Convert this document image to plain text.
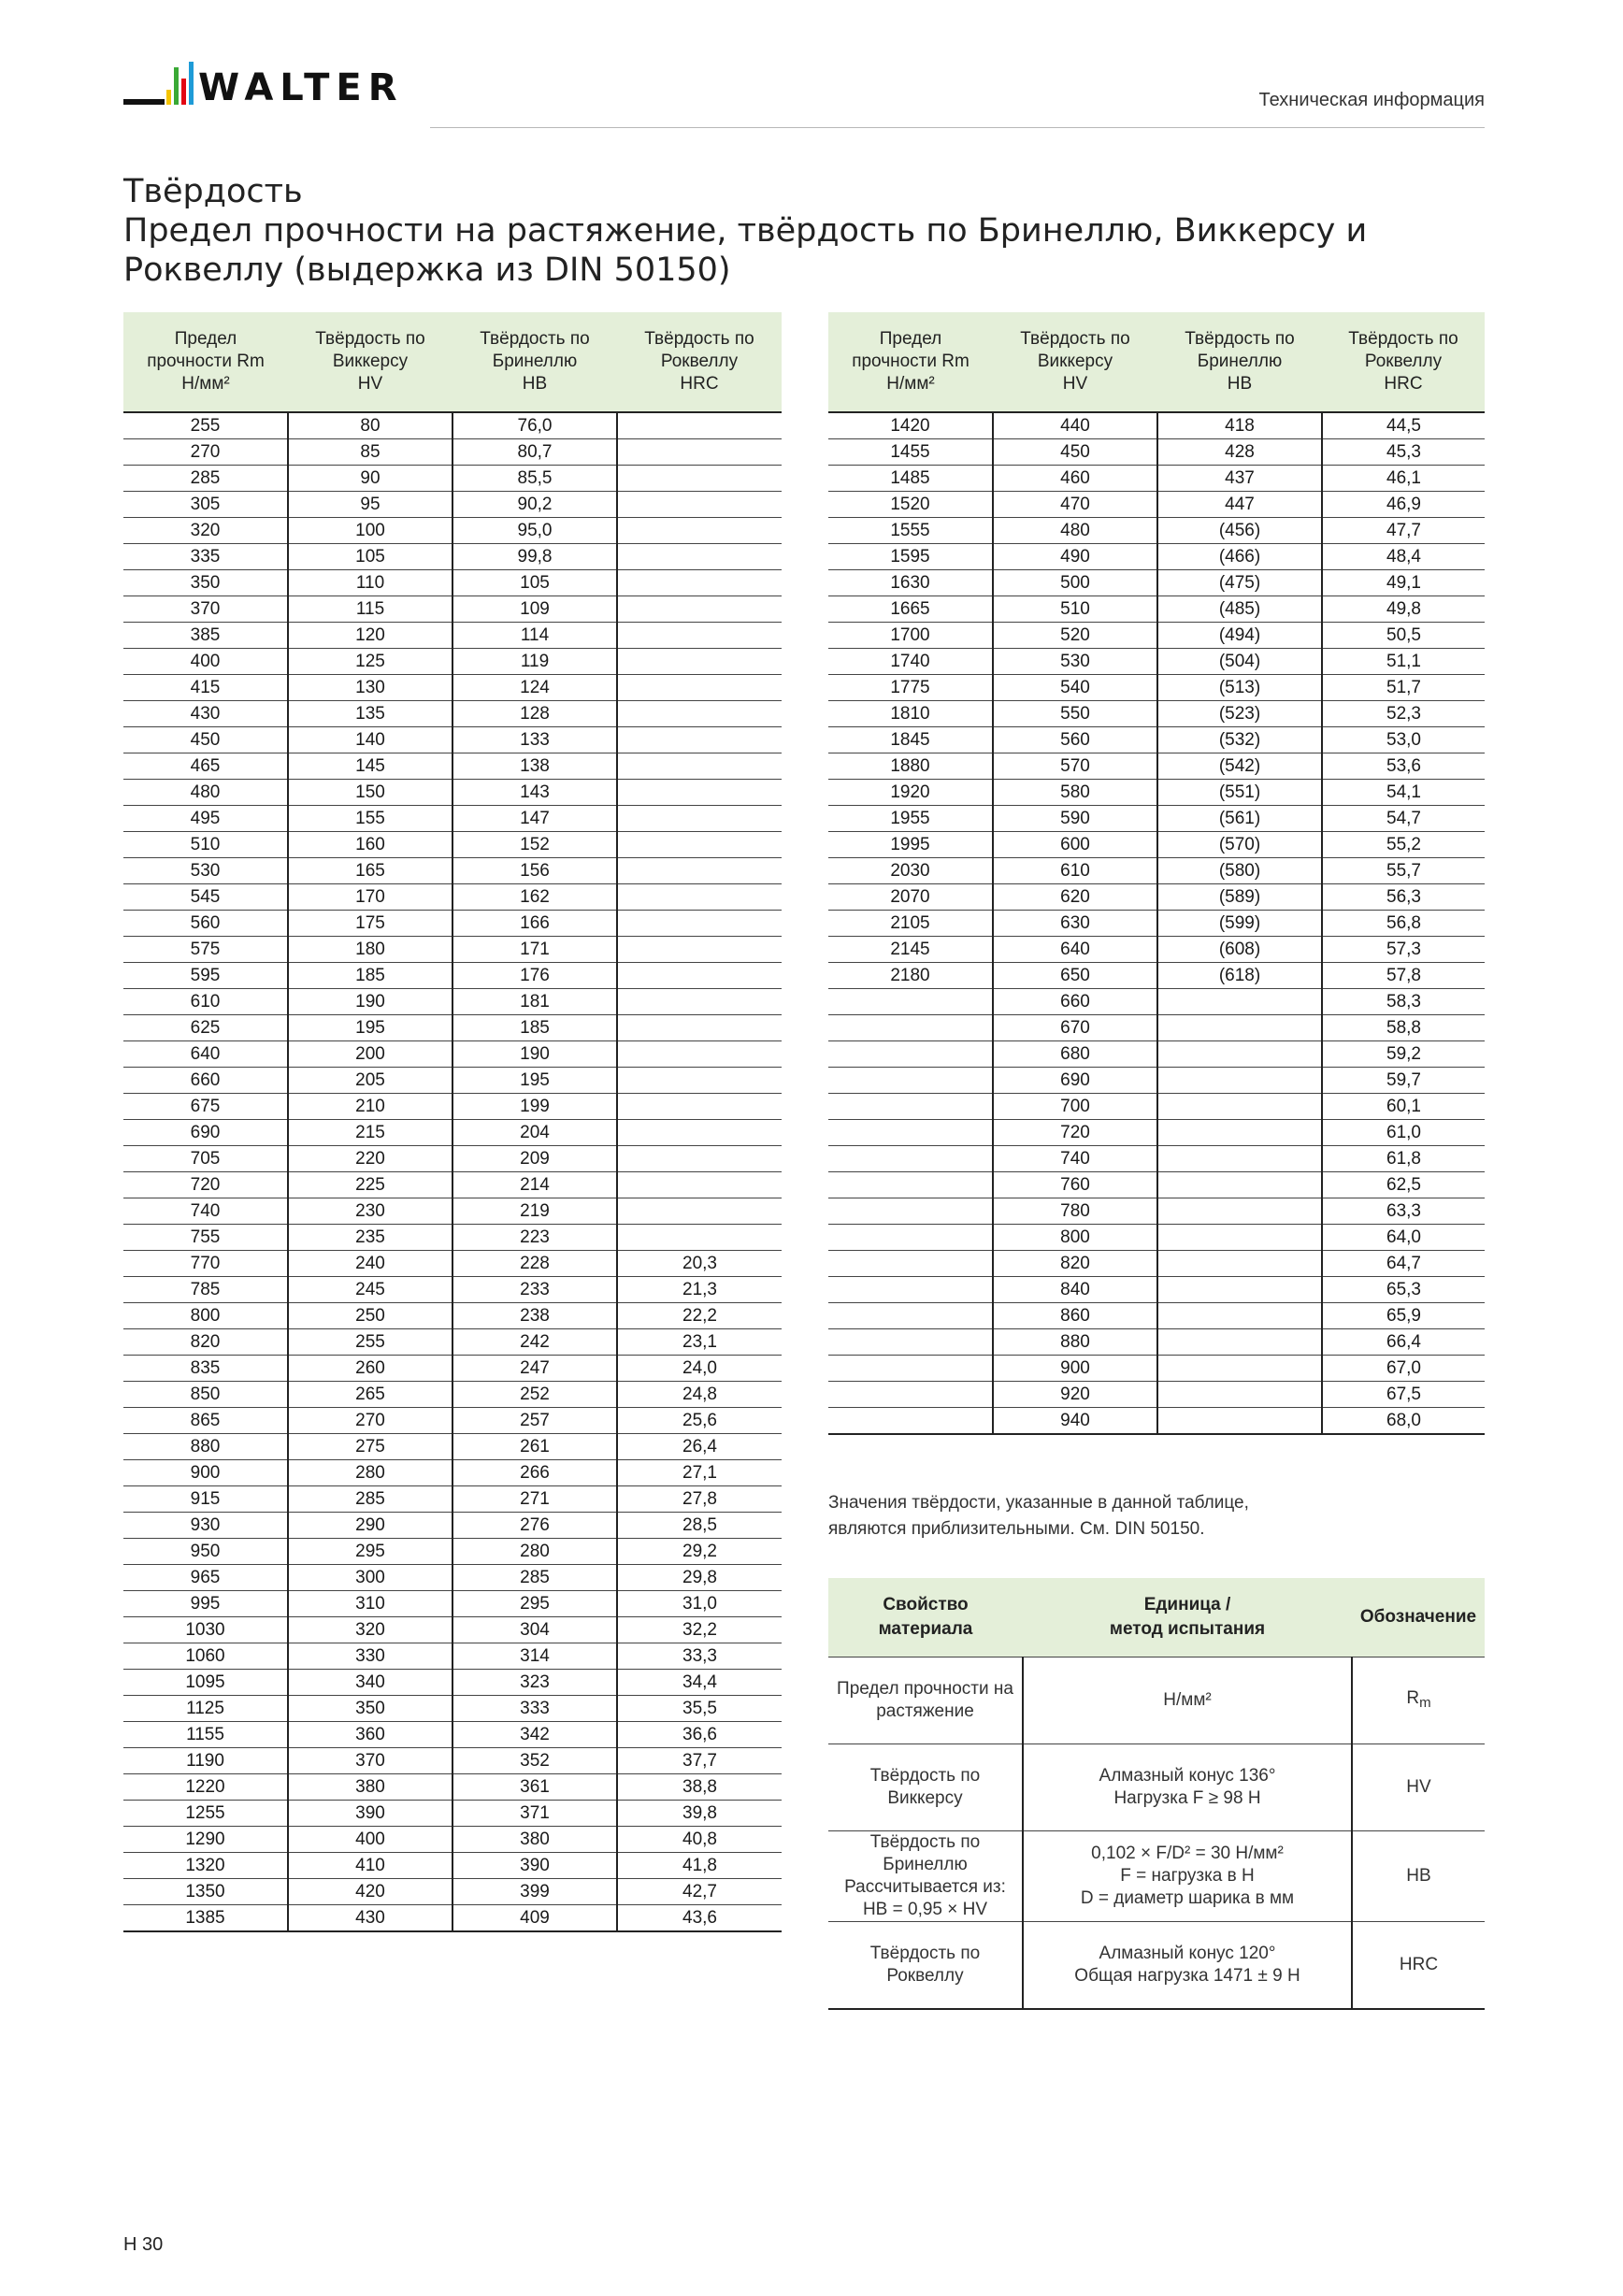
WALTER	Техническая информация
Твёрдость
Предел прочности на растяжение, твёрдость по Бринеллю, Виккерсу и
Роквеллу (выдержка из DIN 50150)
Предел
прочности Rm
Н/мм²	Твёрдость по
Виккерсу
HV	Твёрдость по
Бринеллю
HB	Твёрдость по
Роквеллу
HRC

255	80	76,0	
270	85	80,7	
285	90	85,5	
305	95	90,2	
320	100	95,0	
335	105	99,8	
350	110	105	
370	115	109	
385	120	114	
400	125	119	
415	130	124	
430	135	128	
450	140	133	
465	145	138	
480	150	143	
495	155	147	
510	160	152	
530	165	156	
545	170	162	
560	175	166	
575	180	171	
595	185	176	
610	190	181	
625	195	185	
640	200	190	
660	205	195	
675	210	199	
690	215	204	
705	220	209	
720	225	214	
740	230	219	
755	235	223	
770	240	228	20,3
785	245	233	21,3
800	250	238	22,2
820	255	242	23,1
835	260	247	24,0
850	265	252	24,8
865	270	257	25,6
880	275	261	26,4
900	280	266	27,1
915	285	271	27,8
930	290	276	28,5
950	295	280	29,2
965	300	285	29,8
995	310	295	31,0
1030	320	304	32,2
1060	330	314	33,3
1095	340	323	34,4
1125	350	333	35,5
1155	360	342	36,6
1190	370	352	37,7
1220	380	361	38,8
1255	390	371	39,8
1290	400	380	40,8
1320	410	390	41,8
1350	420	399	42,7
1385	430	409	43,6
Предел
прочности Rm
Н/мм²	Твёрдость по
Виккерсу
HV	Твёрдость по
Бринеллю
HB	Твёрдость по
Роквеллу
HRC

1420	440	418	44,5
1455	450	428	45,3
1485	460	437	46,1
1520	470	447	46,9
1555	480	(456)	47,7
1595	490	(466)	48,4
1630	500	(475)	49,1
1665	510	(485)	49,8
1700	520	(494)	50,5
1740	530	(504)	51,1
1775	540	(513)	51,7
1810	550	(523)	52,3
1845	560	(532)	53,0
1880	570	(542)	53,6
1920	580	(551)	54,1
1955	590	(561)	54,7
1995	600	(570)	55,2
2030	610	(580)	55,7
2070	620	(589)	56,3
2105	630	(599)	56,8
2145	640	(608)	57,3
2180	650	(618)	57,8
	660		58,3
	670		58,8
	680		59,2
	690		59,7
	700		60,1
	720		61,0
	740		61,8
	760		62,5
	780		63,3
	800		64,0
	820		64,7
	840		65,3
	860		65,9
	880		66,4
	900		67,0
	920		67,5
	940		68,0
Значения твёрдости, указанные в данной таблице,
являются приблизительными. См. DIN 50150.
Свойство
материала	Единица /
метод испытания	Обозначение

Предел прочности на
растяжение	Н/мм²	$R_m$

Твёрдость по
Виккерсу	Алмазный конус 136°
Нагрузка F ≥ 98 Н	HV

Твёрдость по
Бринеллю
Рассчитывается из:
HB = 0,95 × HV	0,102 × F/D² = 30 Н/мм²
F = нагрузка в Н
D = диаметр шарика в мм	HB

Твёрдость по
Роквеллу	Алмазный конус 120°
Общая нагрузка 1471 ± 9 Н	HRC
H 30
